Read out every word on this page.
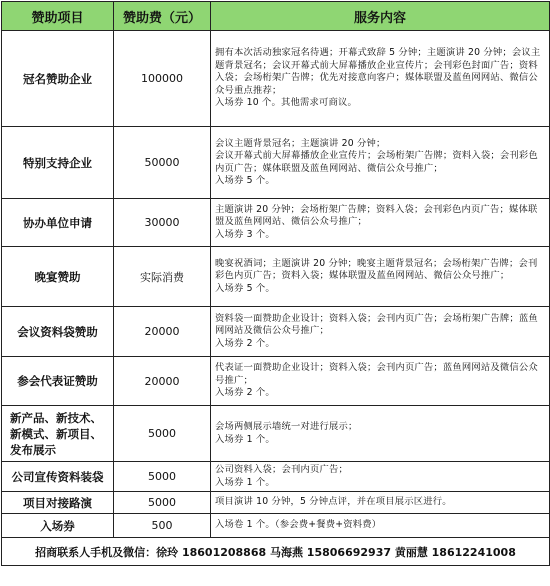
赞助项目	赞助费（元）	服务内容
冠名赞助企业	100000	拥有本次活动独家冠名待遇；开幕式致辞 5 分钟；主题演讲 20 分钟；会议主题背景冠名；会议开幕式前大屏幕播放企业宣传片；会刊彩色封面广告；资料入袋；会场桁架广告牌；优先对接意向客户；媒体联盟及蓝鱼网网站、微信公众号重点推荐；
入场券 10 个。其他需求可商议。

特别支持企业	50000	会议主题背景冠名；主题演讲 20 分钟；
会议开幕式前大屏幕播放企业宣传片；会场桁架广告牌；资料入袋；会刊彩色内页广告；媒体联盟及蓝鱼网网站、微信公众号推广；
入场券 5 个。

协办单位申请	30000	主题演讲 20 分钟；会场桁架广告牌；资料入袋；会刊彩色内页广告；媒体联盟及蓝鱼网网站、微信公众号推广；
入场券 3 个。

晚宴赞助	实际消费	晚宴祝酒词；主题演讲 20 分钟；晚宴主题背景冠名；会场桁架广告牌；会刊彩色内页广告；资料入袋；媒体联盟及蓝鱼网网站、微信公众号推广；
入场券 5 个。

会议资料袋赞助	20000	资料袋一面赞助企业设计；资料入袋；会刊内页广告；会场桁架广告牌；蓝鱼网网站及微信公众号推广；
入场券 2 个。

参会代表证赞助	20000	代表证一面赞助企业设计；资料入袋；会刊内页广告；蓝鱼网网站及微信公众号推广；
入场券 2 个。

新产品、新技术、新模式、新项目、发布展示	5000	会场两侧展示墙统一对进行展示；
入场券 1 个。

公司宣传资料装袋	5000	公司资料入袋；会刊内页广告；
入场券 1 个。

项目对接路演	5000	项目演讲 10 分钟，5 分钟点评，并在项目展示区进行。

入场券	500	入场卷 1 个。（参会费+餐费+资料费）

招商联系人手机及微信：徐玲 18601208868 马海燕 15806692937 黄丽慧 18612241008		
